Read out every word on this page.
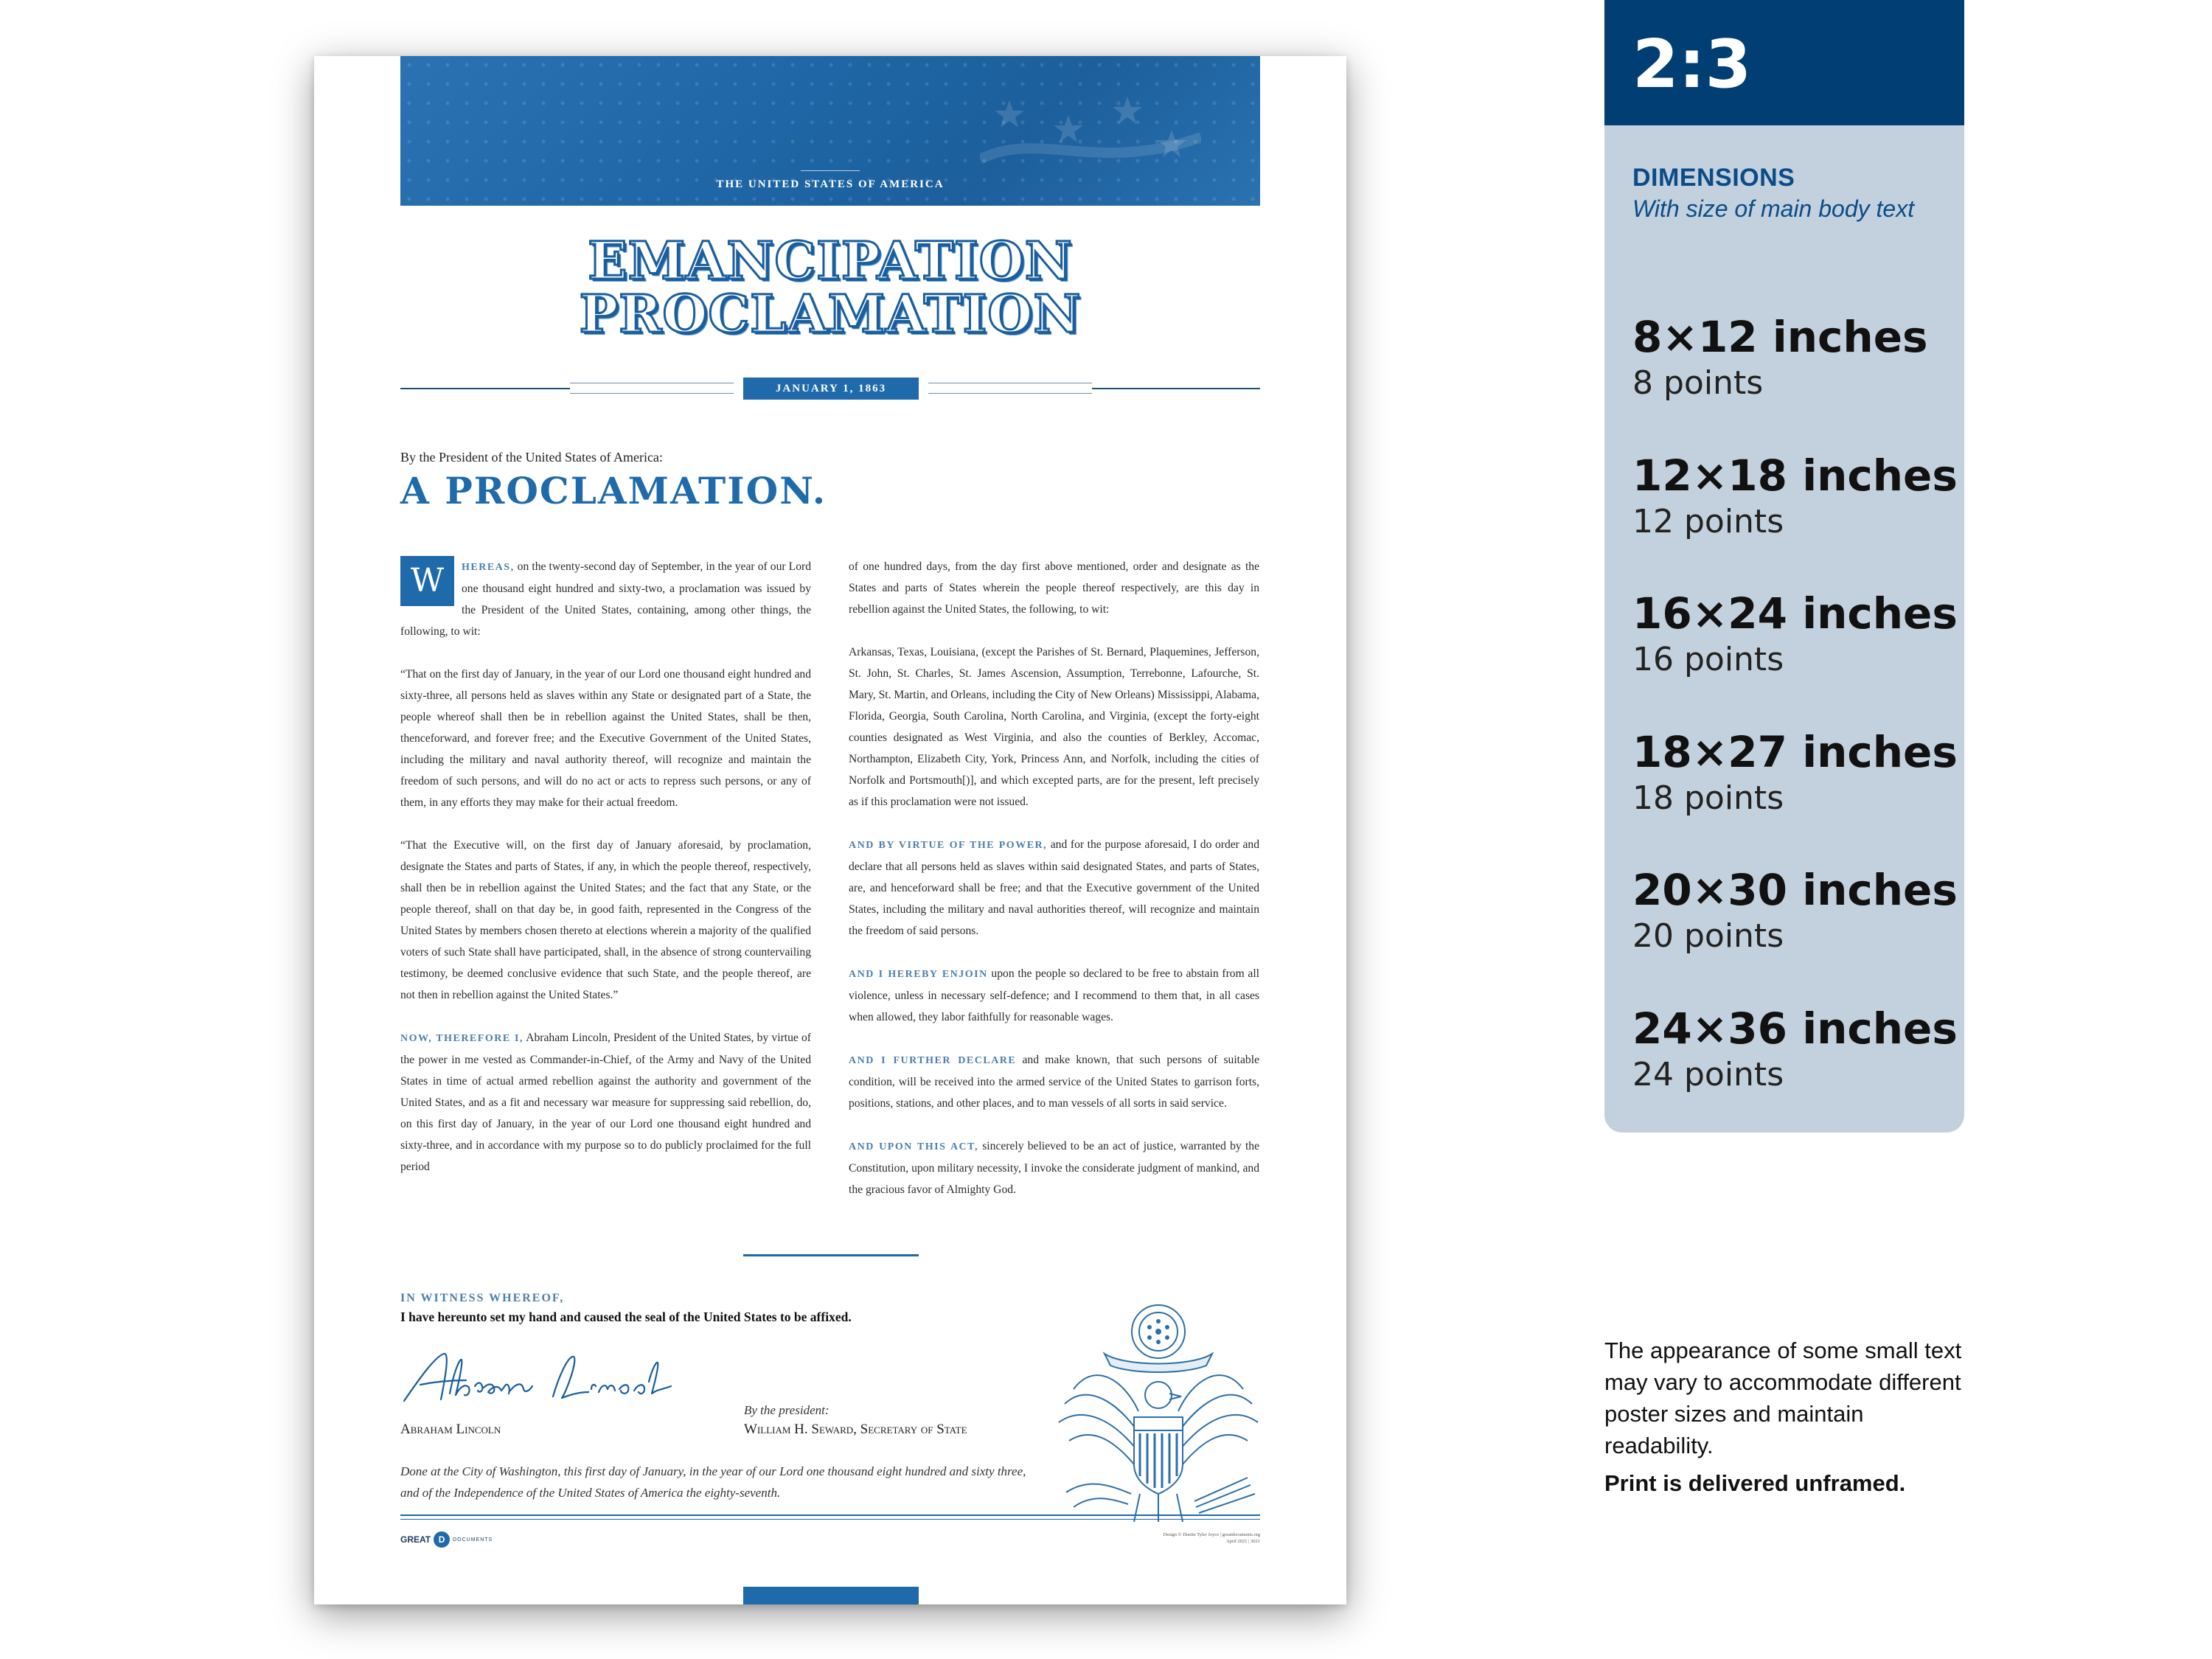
THE UNITED STATES OF AMERICA
EMANCIPATION
PROCLAMATION
JANUARY 1, 1863
By the President of the United States of America:
A PROCLAMATION.

W	HEREAS, on the twenty-second day of September, in the year of our Lord one thousand eight hundred and sixty-two, a proclamation was issued by the President of the United States, containing, among other things, the following, to wit:

“That on the first day of January, in the year of our Lord one thousand eight hundred and sixty-three, all persons held as slaves within any State or designated part of a State, the people whereof shall then be in rebellion against the United States, shall be then, thenceforward, and forever free; and the Executive Government of the United States, including the military and naval authority thereof, will recognize and maintain the freedom of such persons, and will do no act or acts to repress such persons, or any of them, in any efforts they may make for their actual freedom.

“That the Executive will, on the first day of January aforesaid, by proclamation, designate the States and parts of States, if any, in which the people thereof, respectively, shall then be in rebellion against the United States; and the fact that any State, or the people thereof, shall on that day be, in good faith, represented in the Congress of the United States by members chosen thereto at elections wherein a majority of the qualified voters of such State shall have participated, shall, in the absence of strong countervailing testimony, be deemed conclusive evidence that such State, and the people thereof, are not then in rebellion against the United States.”

NOW, THEREFORE I, Abraham Lincoln, President of the United States, by virtue of the power in me vested as Commander-in-Chief, of the Army and Navy of the United States in time of actual armed rebellion against the authority and government of the United States, and as a fit and necessary war measure for suppressing said rebellion, do, on this first day of January, in the year of our Lord one thousand eight hundred and sixty-three, and in accordance with my purpose so to do publicly proclaimed for the full period

of one hundred days, from the day first above mentioned, order and designate as the States and parts of States wherein the people thereof respectively, are this day in rebellion against the United States, the following, to wit:

Arkansas, Texas, Louisiana, (except the Parishes of St. Bernard, Plaquemines, Jefferson, St. John, St. Charles, St. James Ascension, Assumption, Terrebonne, Lafourche, St. Mary, St. Martin, and Orleans, including the City of New Orleans) Mississippi, Alabama, Florida, Georgia, South Carolina, North Carolina, and Virginia, (except the forty-eight counties designated as West Virginia, and also the counties of Berkley, Accomac, Northampton, Elizabeth City, York, Princess Ann, and Norfolk, including the cities of Norfolk and Portsmouth[)], and which excepted parts, are for the present, left precisely as if this proclamation were not issued.

AND BY VIRTUE OF THE POWER, and for the purpose aforesaid, I do order and declare that all persons held as slaves within said designated States, and parts of States, are, and henceforward shall be free; and that the Executive government of the United States, including the military and naval authorities thereof, will recognize and maintain the freedom of said persons.

AND I HEREBY ENJOIN upon the people so declared to be free to abstain from all violence, unless in necessary self-defence; and I recommend to them that, in all cases when allowed, they labor faithfully for reasonable wages.

AND I FURTHER DECLARE and make known, that such persons of suitable condition, will be received into the armed service of the United States to garrison forts, positions, stations, and other places, and to man vessels of all sorts in said service.

AND UPON THIS ACT, sincerely believed to be an act of justice, warranted by the Constitution, upon military necessity, I invoke the considerate judgment of mankind, and the gracious favor of Almighty God.

IN WITNESS WHEREOF,
I have hereunto set my hand and caused the seal of the United States to be affixed.
Abraham Lincoln
By the president:
William H. Seward, Secretary of State
Done at the City of Washington, this first day of January, in the year of our Lord one thousand eight hundred and sixty three, and of the Independence of the United States of America the eighty-seventh.
GREAT D	DOCUMENTS
Design © Dustin Tyler Joyce | greatdocuments.org
April 2021 | 3021
2:3
DIMENSIONS
With size of main body text
8×12 inches
8 points
12×18 inches
12 points
16×24 inches
16 points
18×27 inches
18 points
20×30 inches
20 points
24×36 inches
24 points
The appearance of some small text may vary to accommodate different poster sizes and maintain readability.
Print is delivered unframed.
